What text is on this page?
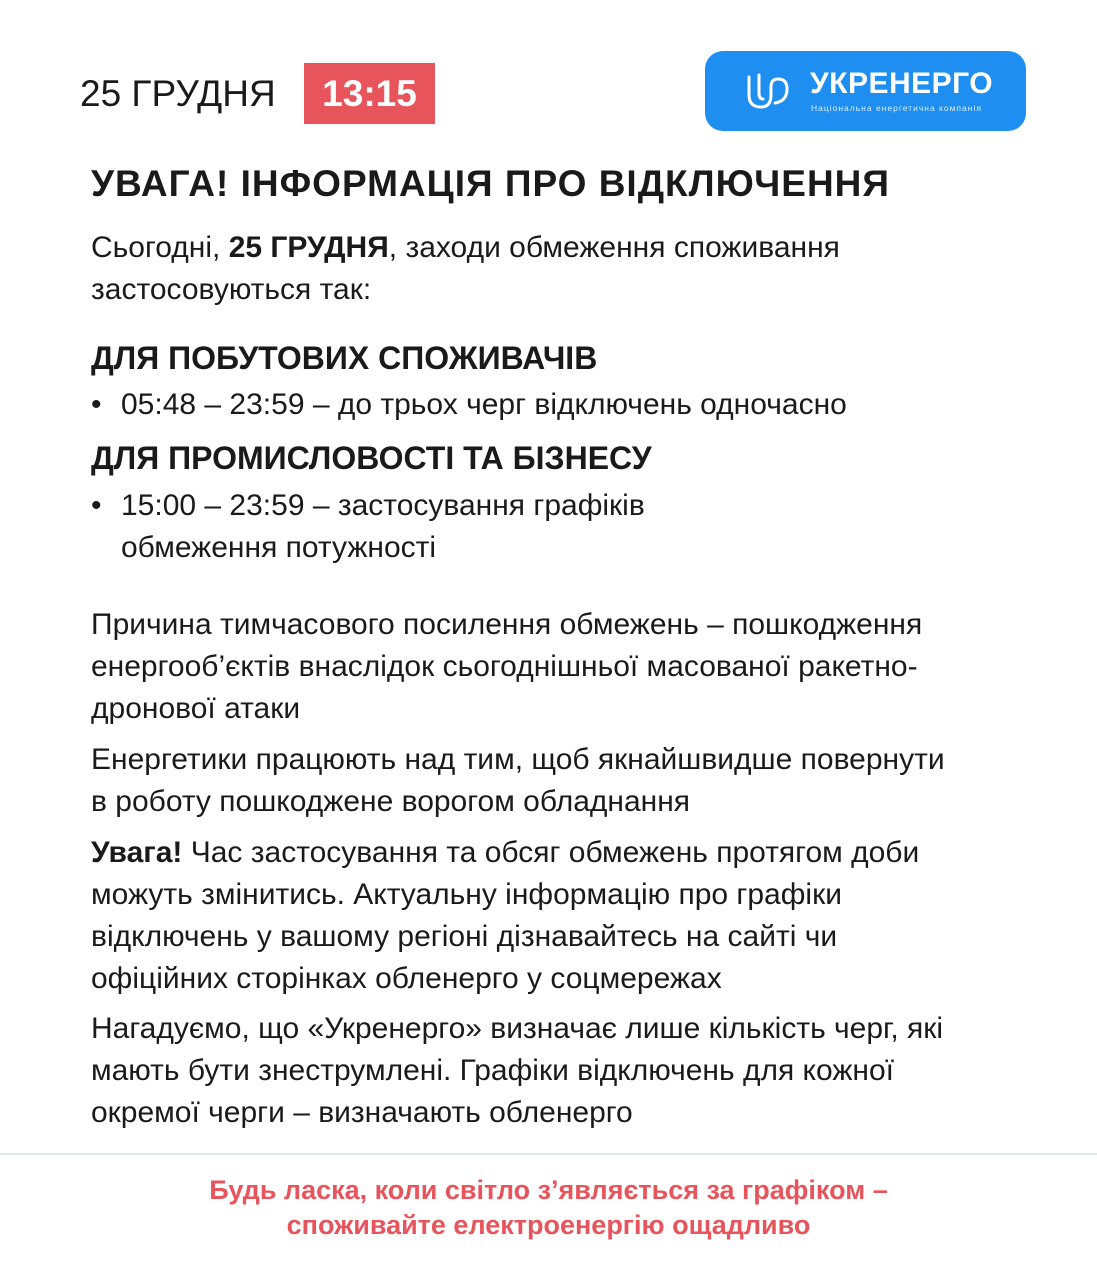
25 ГРУДНЯ	13:15	УКРЕНЕРГО
Національна енергетична компанія
УВАГА! ІНФОРМАЦІЯ ПРО ВІДКЛЮЧЕННЯ
Сьогодні, 25 ГРУДНЯ, заходи обмеження споживання
застосовуються так:
ДЛЯ ПОБУТОВИХ СПОЖИВАЧІВ
• 05:48 – 23:59 – до трьох черг відключень одночасно
ДЛЯ ПРОМИСЛОВОСТІ ТА БІЗНЕСУ
• 15:00 – 23:59 – застосування графіків
обмеження потужності
Причина тимчасового посилення обмежень – пошкодження
енергооб’єктів внаслідок сьогоднішньої масованої ракетно-
дронової атаки
Енергетики працюють над тим, щоб якнайшвидше повернути
в роботу пошкоджене ворогом обладнання
Увага! Час застосування та обсяг обмежень протягом доби
можуть змінитись. Актуальну інформацію про графіки
відключень у вашому регіоні дізнавайтесь на сайті чи
офіційних сторінках обленерго у соцмережах
Нагадуємо, що «Укренерго» визначає лише кількість черг, які
мають бути знеструмлені. Графіки відключень для кожної
окремої черги – визначають обленерго
Будь ласка, коли світло з’являється за графіком –
споживайте електроенергію ощадливо
